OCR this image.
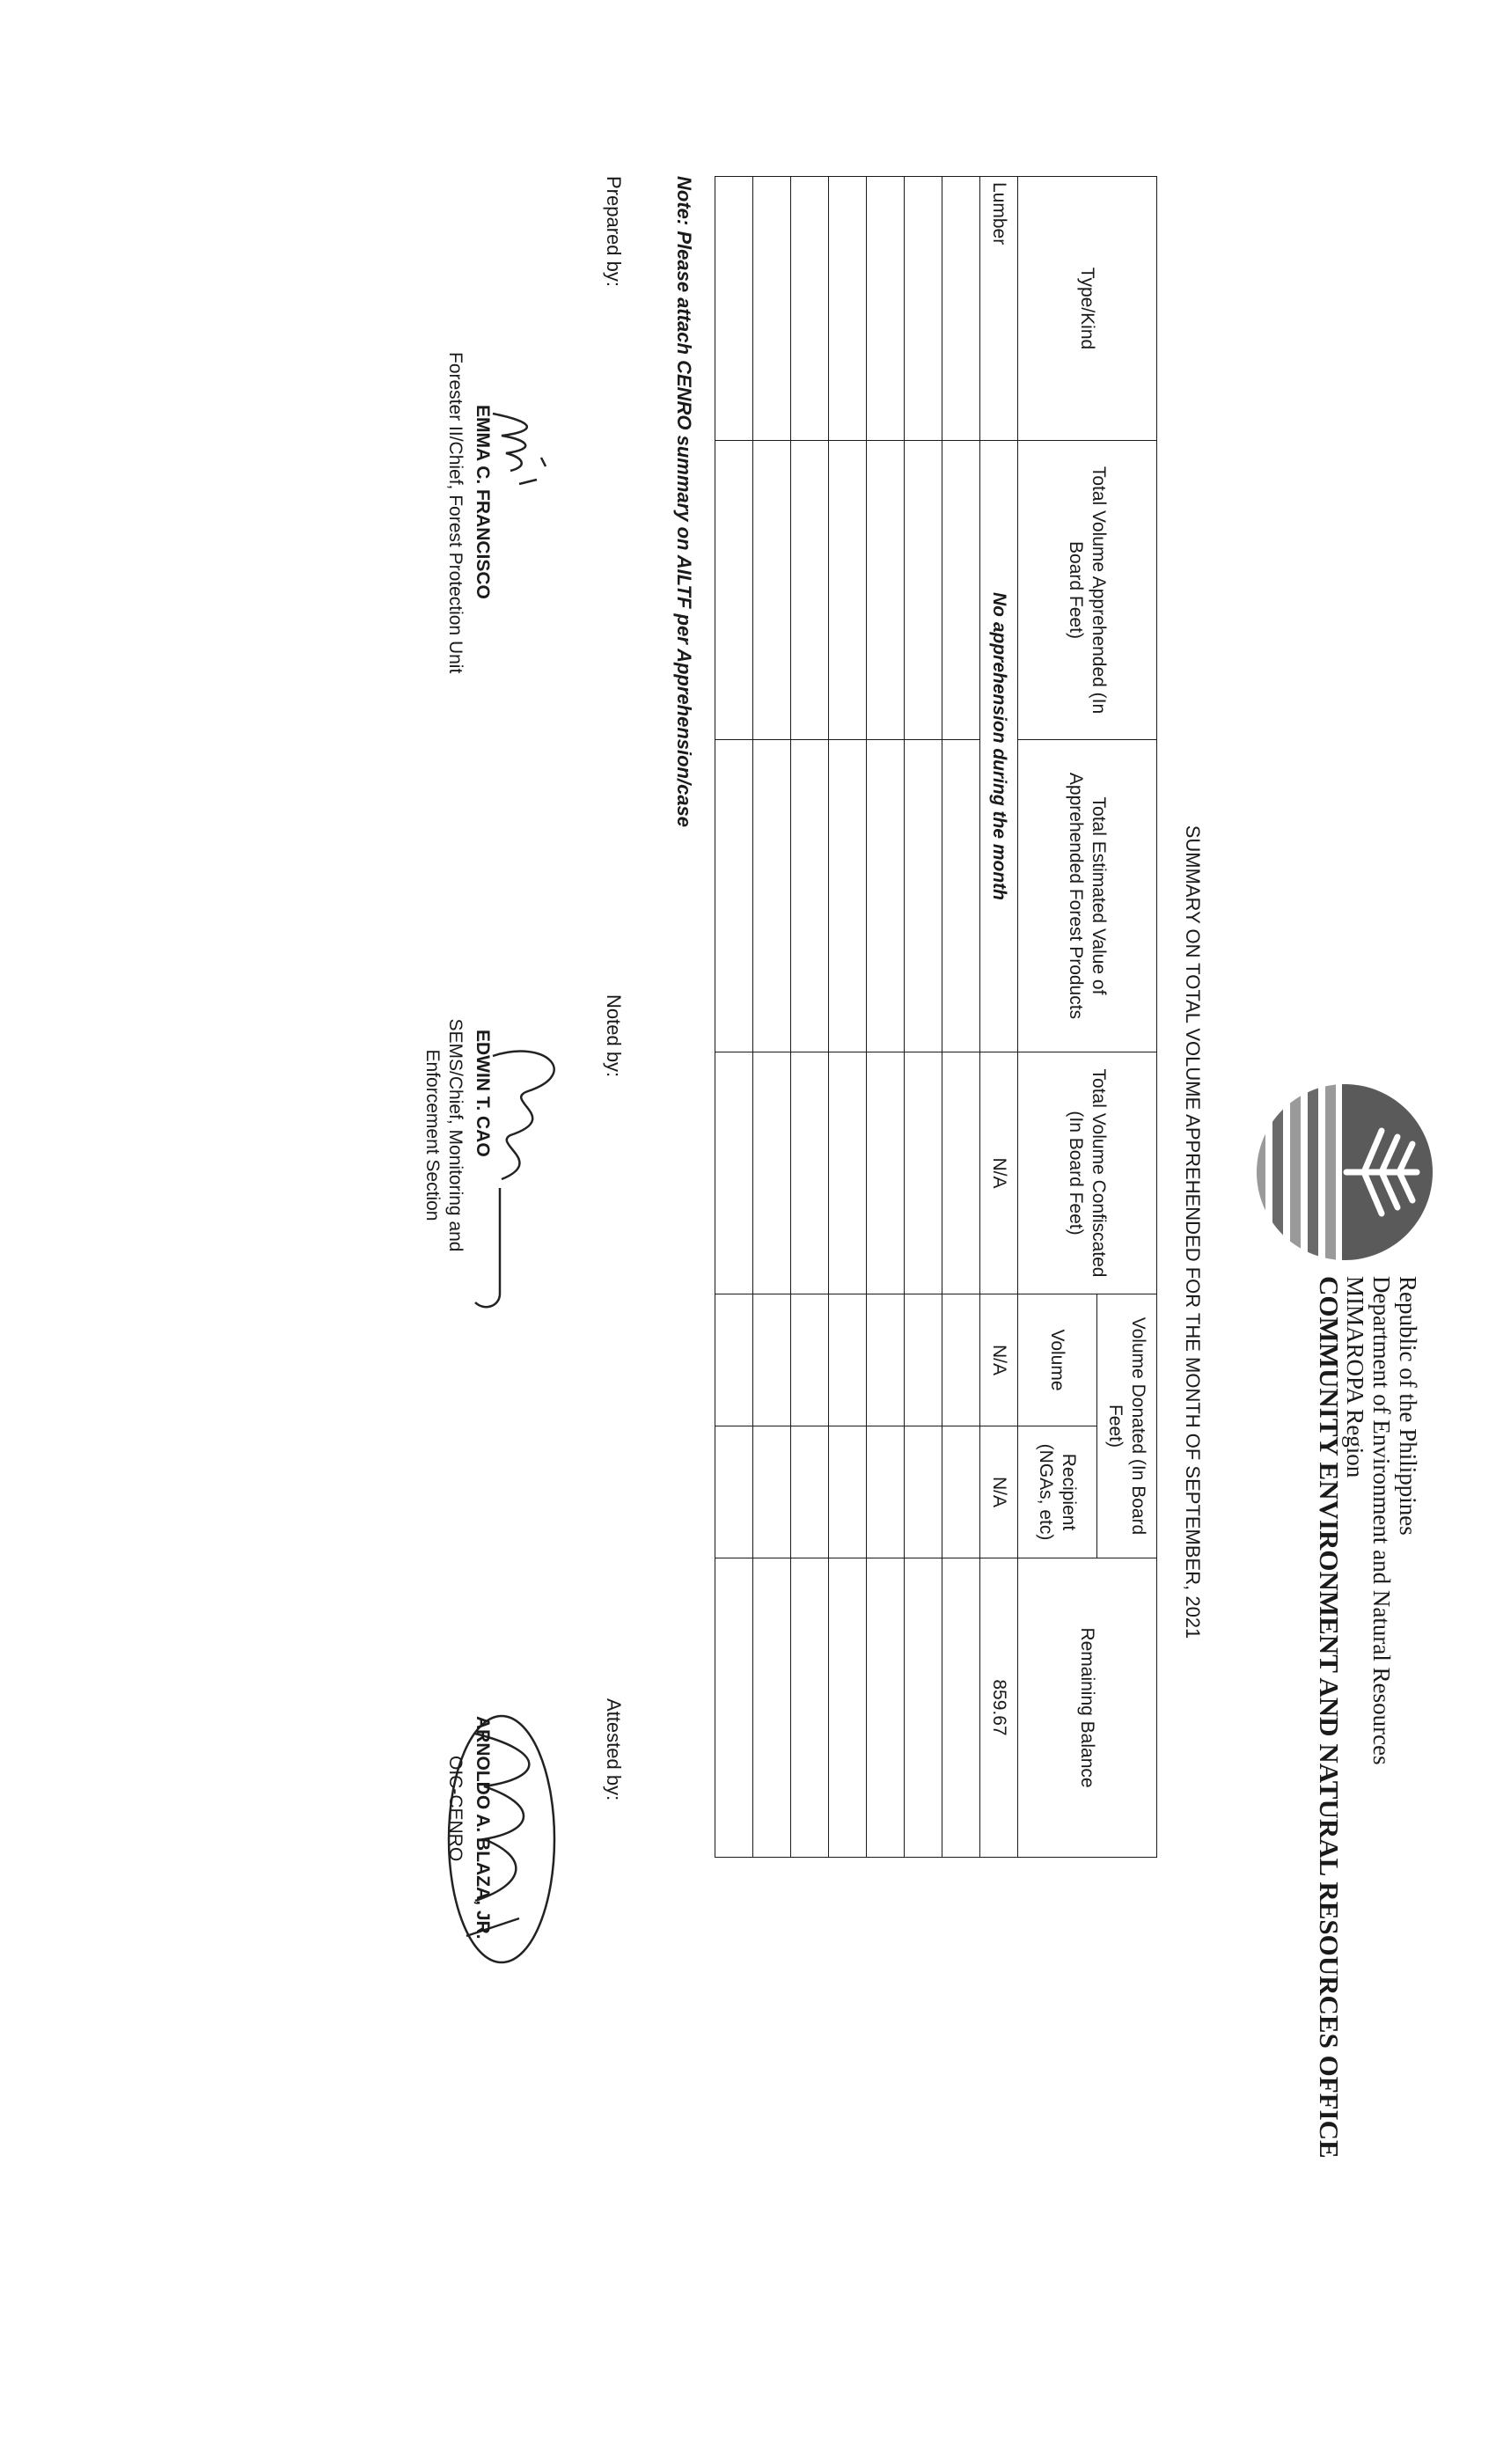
Republic of the Philippines
Department of Environment and Natural Resources
MIMAROPA Region
COMMUNITY ENVIRONMENT AND NATURAL RESOURCES OFFICE
SUMMARY ON TOTAL VOLUME APPREHENDED FOR THE MONTH OF SEPTEMBER, 2021
Type/Kind	Total Volume Apprehended (In Board Feet)	Total Estimated Value of Apprehended Forest Products	Total Volume Confiscated (In Board Feet)	Volume Donated (In Board Feet)		Remaining Balance
				Volume	Recipient (NGAs, etc)	
Lumber	No apprehension during the month		N/A	N/A	N/A	859.67

Note: Please attach CENRO summary on AILTF per Apprehension/case
Prepared by:
EMMA C. FRANCISCO
Forester II/Chief, Forest Protection Unit
Noted by:
EDWIN T. CAO
SEMS/Chief, Monitoring and Enforcement Section
Attested by:
ARNOLDO A. BLAZA, JR.
OIC-CENRO
